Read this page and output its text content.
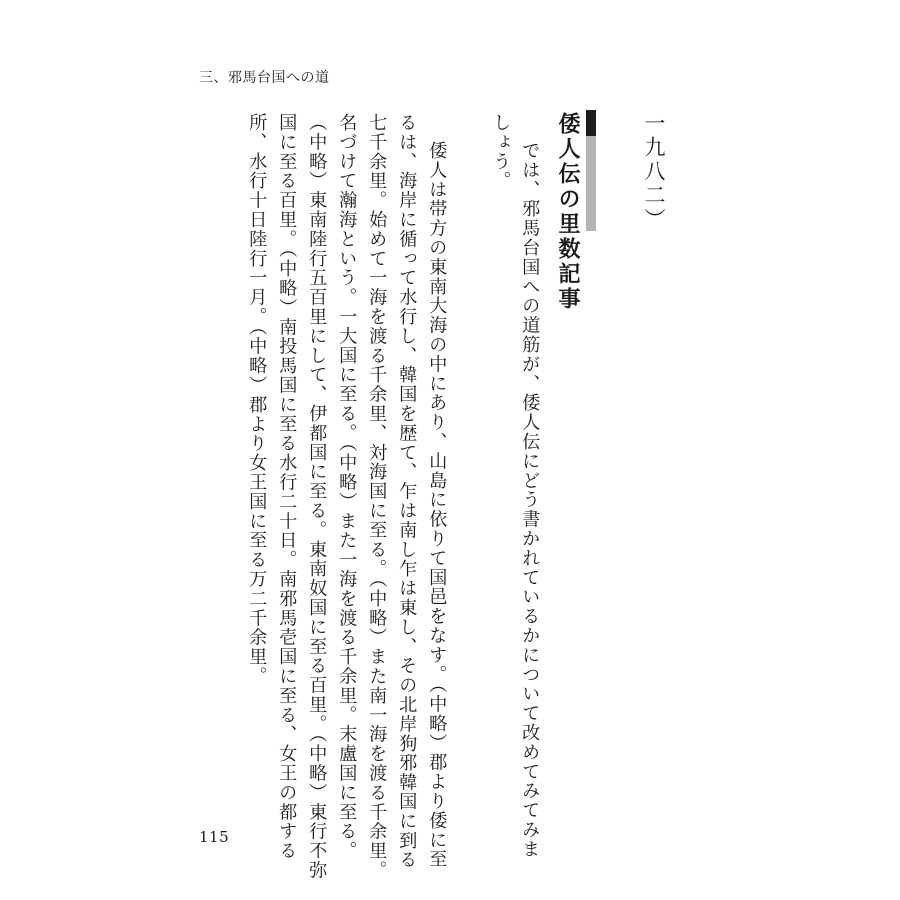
三、邪馬台国への道
一九八二）
倭人伝の里数記事
では、邪馬台国への道筋が、倭人伝にどう書かれているかについて改めてみてみま
しょう。
倭人は帯方の東南大海の中にあり、山島に依りて国邑をなす。（中略）郡より倭に至
るは、海岸に循って水行し、韓国を歴て、乍は南し乍は東し、その北岸狗邪韓国に到る
七千余里。始めて一海を渡る千余里、対海国に至る。（中略）また南一海を渡る千余里。
名づけて瀚海という。一大国に至る。（中略）また一海を渡る千余里。末盧国に至る。
（中略）東南陸行五百里にして、伊都国に至る。東南奴国に至る百里。（中略）東行不弥
国に至る百里。（中略）南投馬国に至る水行二十日。南邪馬壱国に至る、女王の都する
所、水行十日陸行一月。（中略）郡より女王国に至る万二千余里。
115
